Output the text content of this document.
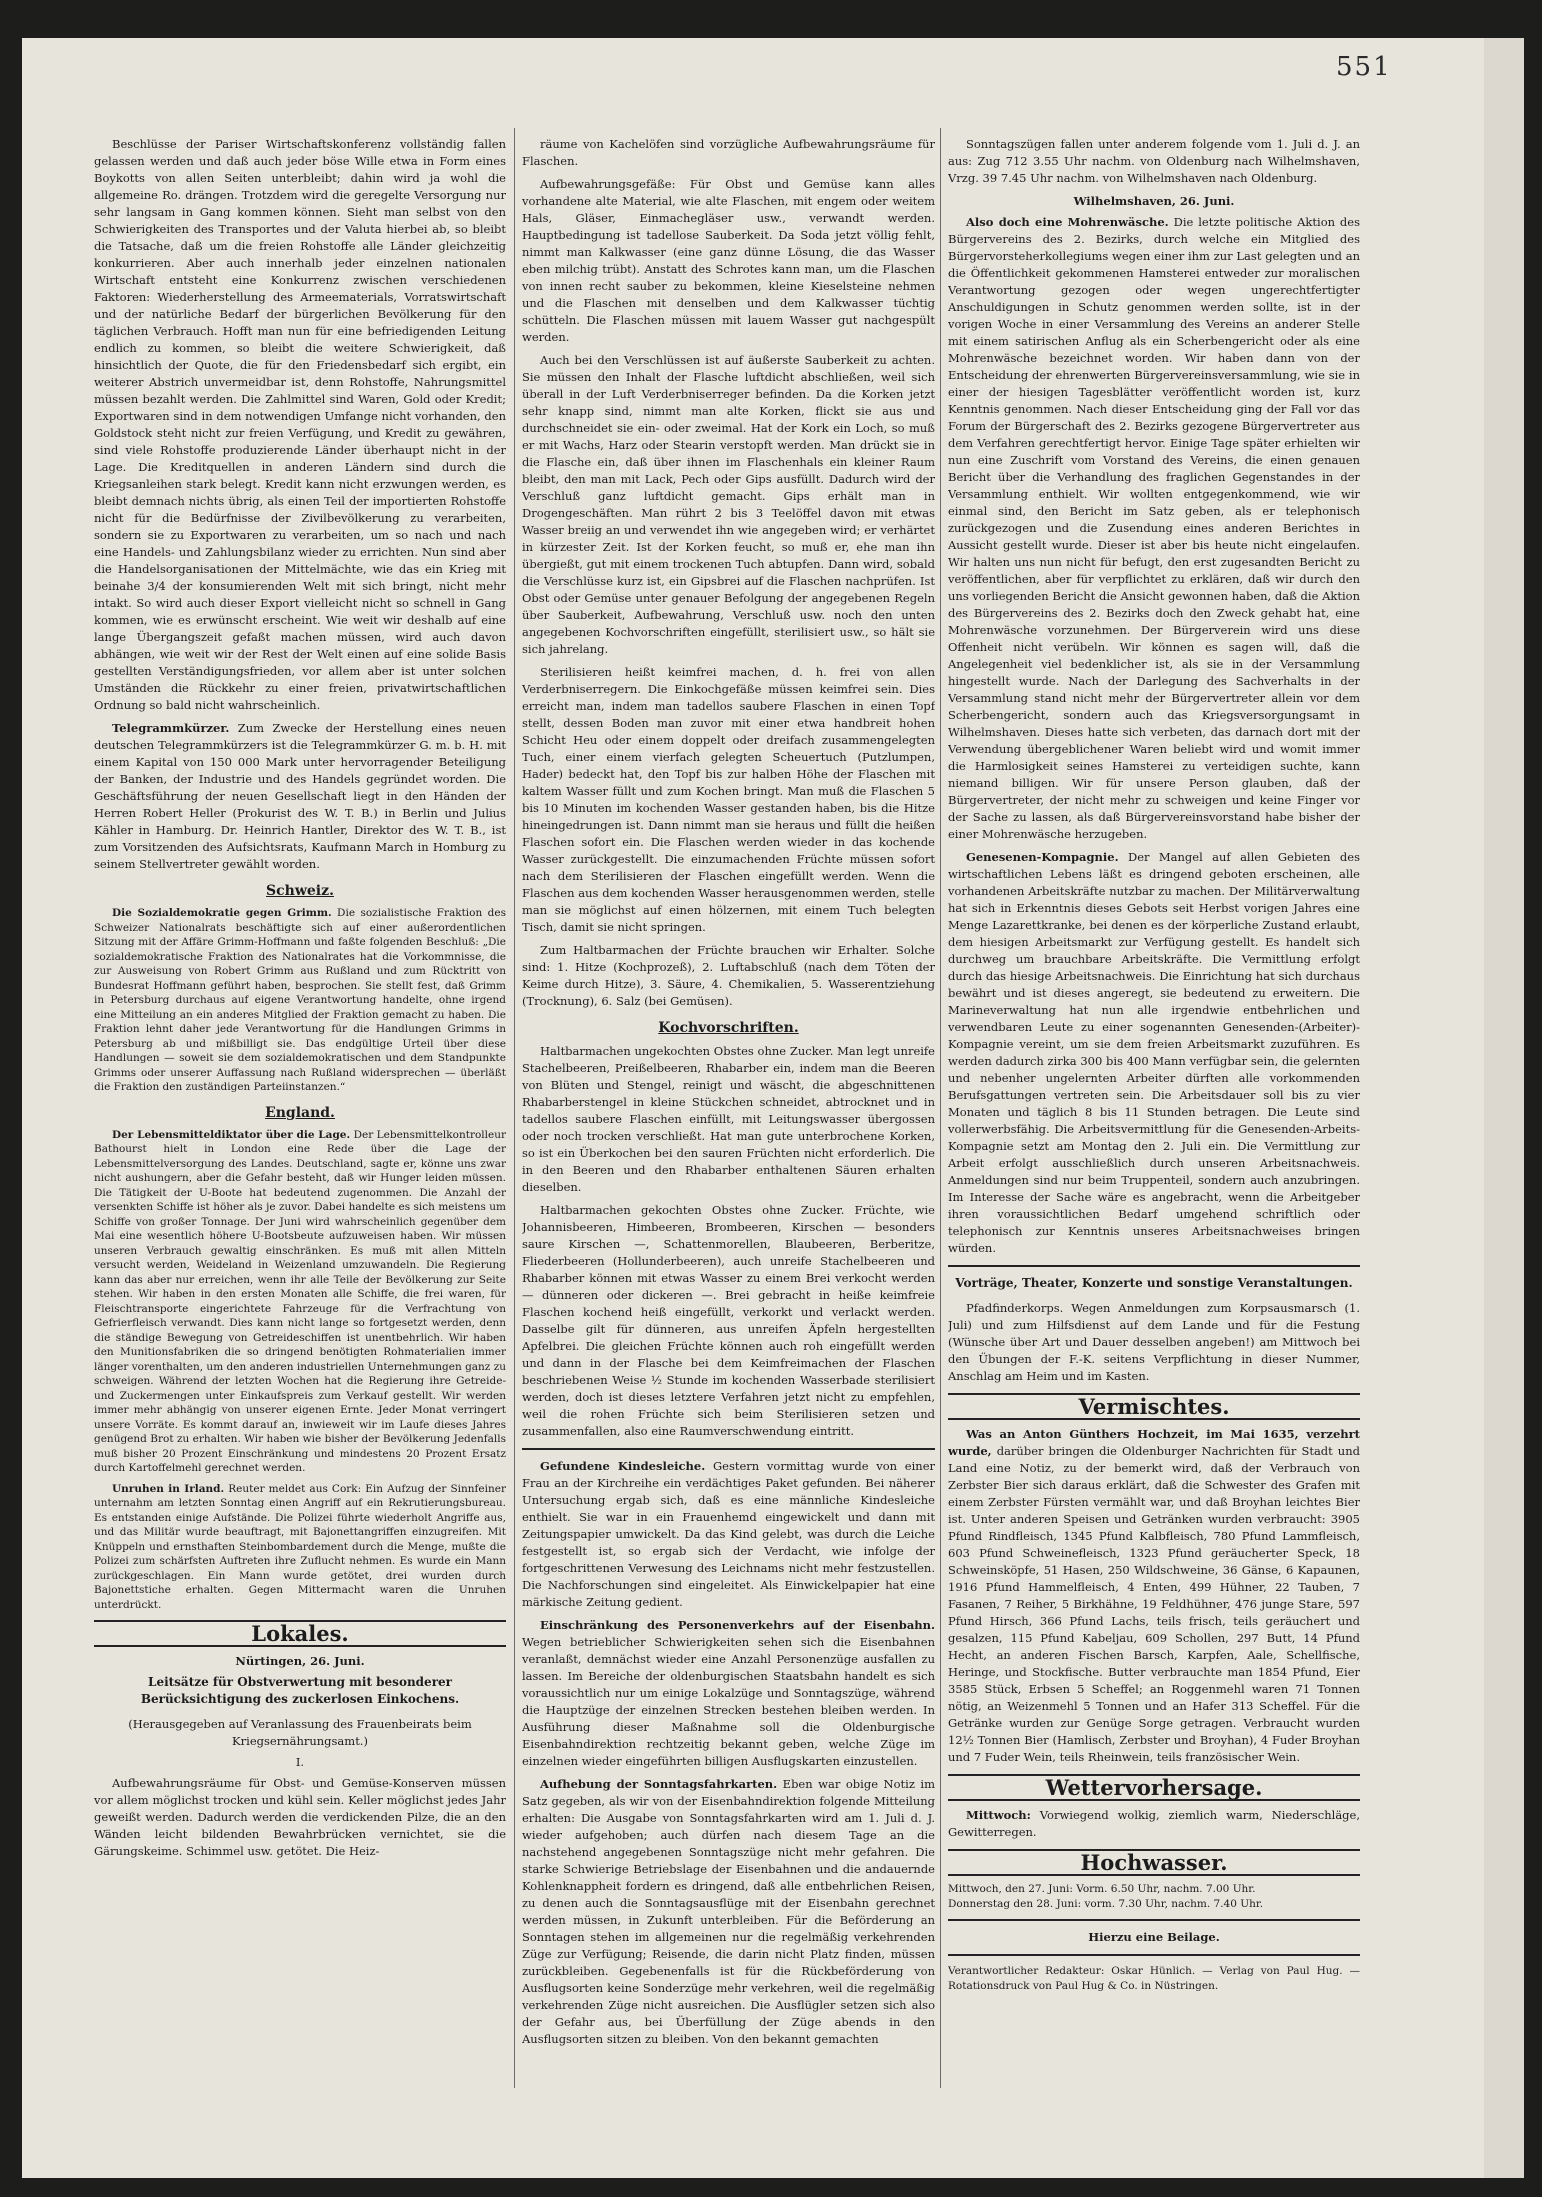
551

Beschlüsse der Pariser Wirtschaftskonferenz vollständig fallen gelassen werden und daß auch jeder böse Wille etwa in Form eines Boykotts von allen Seiten unterbleibt; dahin wird ja wohl die allgemeine Ro. drängen. Trotzdem wird die geregelte Versorgung nur sehr langsam in Gang kommen können. Sieht man selbst von den Schwierigkeiten des Transportes und der Valuta hierbei ab, so bleibt die Tatsache, daß um die freien Rohstoffe alle Länder gleichzeitig konkurrieren. Aber auch innerhalb jeder einzelnen nationalen Wirtschaft entsteht eine Konkurrenz zwischen verschiedenen Faktoren: Wiederherstellung des Armeematerials, Vorratswirtschaft und der natürliche Bedarf der bürgerlichen Bevölkerung für den täglichen Verbrauch. Hofft man nun für eine befriedigenden Leitung endlich zu kommen, so bleibt die weitere Schwierigkeit, daß hinsichtlich der Quote, die für den Friedensbedarf sich ergibt, ein weiterer Abstrich unvermeidbar ist, denn Rohstoffe, Nahrungsmittel müssen bezahlt werden. Die Zahlmittel sind Waren, Gold oder Kredit; Exportwaren sind in dem notwendigen Umfange nicht vorhanden, den Goldstock steht nicht zur freien Verfügung, und Kredit zu gewähren, sind viele Rohstoffe produzierende Länder überhaupt nicht in der Lage. Die Kreditquellen in anderen Ländern sind durch die Kriegsanleihen stark belegt. Kredit kann nicht erzwungen werden, es bleibt demnach nichts übrig, als einen Teil der importierten Rohstoffe nicht für die Bedürfnisse der Zivilbevölkerung zu verarbeiten, sondern sie zu Exportwaren zu verarbeiten, um so nach und nach eine Handels- und Zahlungsbilanz wieder zu errichten. Nun sind aber die Handelsorganisationen der Mittelmächte, wie das ein Krieg mit beinahe 3/4 der konsumierenden Welt mit sich bringt, nicht mehr intakt. So wird auch dieser Export vielleicht nicht so schnell in Gang kommen, wie es erwünscht erscheint. Wie weit wir deshalb auf eine lange Übergangszeit gefaßt machen müssen, wird auch davon abhängen, wie weit wir der Rest der Welt einen auf eine solide Basis gestellten Verständigungsfrieden, vor allem aber ist unter solchen Umständen die Rückkehr zu einer freien, privatwirtschaftlichen Ordnung so bald nicht wahrscheinlich.

Telegrammkürzer. Zum Zwecke der Herstellung eines neuen deutschen Telegrammkürzers ist die Telegrammkürzer G. m. b. H. mit einem Kapital von 150 000 Mark unter hervorragender Beteiligung der Banken, der Industrie und des Handels gegründet worden. Die Geschäftsführung der neuen Gesellschaft liegt in den Händen der Herren Robert Heller (Prokurist des W. T. B.) in Berlin und Julius Kähler in Hamburg. Dr. Heinrich Hantler, Direktor des W. T. B., ist zum Vorsitzenden des Aufsichtsrats, Kaufmann March in Homburg zu seinem Stellvertreter gewählt worden.

Schweiz.

Die Sozialdemokratie gegen Grimm. Die sozialistische Fraktion des Schweizer Nationalrats beschäftigte sich auf einer außerordentlichen Sitzung mit der Affäre Grimm-Hoffmann und faßte folgenden Beschluß: „Die sozialdemokratische Fraktion des Nationalrates hat die Vorkommnisse, die zur Ausweisung von Robert Grimm aus Rußland und zum Rücktritt von Bundesrat Hoffmann geführt haben, besprochen. Sie stellt fest, daß Grimm in Petersburg durchaus auf eigene Verantwortung handelte, ohne irgend eine Mitteilung an ein anderes Mitglied der Fraktion gemacht zu haben. Die Fraktion lehnt daher jede Verantwortung für die Handlungen Grimms in Petersburg ab und mißbilligt sie. Das endgültige Urteil über diese Handlungen — soweit sie dem sozialdemokratischen und dem Standpunkte Grimms oder unserer Auffassung nach Rußland widersprechen — überläßt die Fraktion den zuständigen Parteiinstanzen.“

England.

Der Lebensmitteldiktator über die Lage. Der Lebensmittelkontrolleur Bathourst hielt in London eine Rede über die Lage der Lebensmittelversorgung des Landes. Deutschland, sagte er, könne uns zwar nicht aushungern, aber die Gefahr besteht, daß wir Hunger leiden müssen. Die Tätigkeit der U-Boote hat bedeutend zugenommen. Die Anzahl der versenkten Schiffe ist höher als je zuvor. Dabei handelte es sich meistens um Schiffe von großer Tonnage. Der Juni wird wahrscheinlich gegenüber dem Mai eine wesentlich höhere U-Bootsbeute aufzuweisen haben. Wir müssen unseren Verbrauch gewaltig einschränken. Es muß mit allen Mitteln versucht werden, Weideland in Weizenland umzuwandeln. Die Regierung kann das aber nur erreichen, wenn ihr alle Teile der Bevölkerung zur Seite stehen. Wir haben in den ersten Monaten alle Schiffe, die frei waren, für Fleischtransporte eingerichtete Fahrzeuge für die Verfrachtung von Gefrierfleisch verwandt. Dies kann nicht lange so fortgesetzt werden, denn die ständige Bewegung von Getreideschiffen ist unentbehrlich. Wir haben den Munitionsfabriken die so dringend benötigten Rohmaterialien immer länger vorenthalten, um den anderen industriellen Unternehmungen ganz zu schweigen. Während der letzten Wochen hat die Regierung ihre Getreide- und Zuckermengen unter Einkaufspreis zum Verkauf gestellt. Wir werden immer mehr abhängig von unserer eigenen Ernte. Jeder Monat verringert unsere Vorräte. Es kommt darauf an, inwieweit wir im Laufe dieses Jahres genügend Brot zu erhalten. Wir haben wie bisher der Bevölkerung Jedenfalls muß bisher 20 Prozent Einschränkung und mindestens 20 Prozent Ersatz durch Kartoffelmehl gerechnet werden.

Unruhen in Irland. Reuter meldet aus Cork: Ein Aufzug der Sinnfeiner unternahm am letzten Sonntag einen Angriff auf ein Rekrutierungsbureau. Es entstanden einige Aufstände. Die Polizei führte wiederholt Angriffe aus, und das Militär wurde beauftragt, mit Bajonettangriffen einzugreifen. Mit Knüppeln und ernsthaften Steinbombardement durch die Menge, mußte die Polizei zum schärfsten Auftreten ihre Zuflucht nehmen. Es wurde ein Mann zurückgeschlagen. Ein Mann wurde getötet, drei wurden durch Bajonettstiche erhalten. Gegen Mittermacht waren die Unruhen unterdrückt.

Lokales.
Nürtingen, 26. Juni.
Leitsätze für Obstverwertung mit besonderer Berücksichtigung des zuckerlosen Einkochens.
(Herausgegeben auf Veranlassung des Frauenbeirats beim Kriegsernährungsamt.)
I.

Aufbewahrungsräume für Obst- und Gemüse-Konserven müssen vor allem möglichst trocken und kühl sein. Keller möglichst jedes Jahr geweißt werden. Dadurch werden die verdickenden Pilze, die an den Wänden leicht bildenden Bewahrbrücken vernichtet, sie die Gärungskeime. Schimmel usw. getötet. Die Heiz-

räume von Kachelöfen sind vorzügliche Aufbewahrungsräume für Flaschen.

Aufbewahrungsgefäße: Für Obst und Gemüse kann alles vorhandene alte Material, wie alte Flaschen, mit engem oder weitem Hals, Gläser, Einmachegläser usw., verwandt werden. Hauptbedingung ist tadellose Sauberkeit. Da Soda jetzt völlig fehlt, nimmt man Kalkwasser (eine ganz dünne Lösung, die das Wasser eben milchig trübt). Anstatt des Schrotes kann man, um die Flaschen von innen recht sauber zu bekommen, kleine Kieselsteine nehmen und die Flaschen mit denselben und dem Kalkwasser tüchtig schütteln. Die Flaschen müssen mit lauem Wasser gut nachgespült werden.

Auch bei den Verschlüssen ist auf äußerste Sauberkeit zu achten. Sie müssen den Inhalt der Flasche luftdicht abschließen, weil sich überall in der Luft Verderbniserreger befinden. Da die Korken jetzt sehr knapp sind, nimmt man alte Korken, flickt sie aus und durchschneidet sie ein- oder zweimal. Hat der Kork ein Loch, so muß er mit Wachs, Harz oder Stearin verstopft werden. Man drückt sie in die Flasche ein, daß über ihnen im Flaschenhals ein kleiner Raum bleibt, den man mit Lack, Pech oder Gips ausfüllt. Dadurch wird der Verschluß ganz luftdicht gemacht. Gips erhält man in Drogengeschäften. Man rührt 2 bis 3 Teelöffel davon mit etwas Wasser breiig an und verwendet ihn wie angegeben wird; er verhärtet in kürzester Zeit. Ist der Korken feucht, so muß er, ehe man ihn übergießt, gut mit einem trockenen Tuch abtupfen. Dann wird, sobald die Verschlüsse kurz ist, ein Gipsbrei auf die Flaschen nachprüfen. Ist Obst oder Gemüse unter genauer Befolgung der angegebenen Regeln über Sauberkeit, Aufbewahrung, Verschluß usw. noch den unten angegebenen Kochvorschriften eingefüllt, sterilisiert usw., so hält sie sich jahrelang.

Sterilisieren heißt keimfrei machen, d. h. frei von allen Verderbniserregern. Die Einkochgefäße müssen keimfrei sein. Dies erreicht man, indem man tadellos saubere Flaschen in einen Topf stellt, dessen Boden man zuvor mit einer etwa handbreit hohen Schicht Heu oder einem doppelt oder dreifach zusammengelegten Tuch, einer einem vierfach gelegten Scheuertuch (Putzlumpen, Hader) bedeckt hat, den Topf bis zur halben Höhe der Flaschen mit kaltem Wasser füllt und zum Kochen bringt. Man muß die Flaschen 5 bis 10 Minuten im kochenden Wasser gestanden haben, bis die Hitze hineingedrungen ist. Dann nimmt man sie heraus und füllt die heißen Flaschen sofort ein. Die Flaschen werden wieder in das kochende Wasser zurückgestellt. Die einzumachenden Früchte müssen sofort nach dem Sterilisieren der Flaschen eingefüllt werden. Wenn die Flaschen aus dem kochenden Wasser herausgenommen werden, stelle man sie möglichst auf einen hölzernen, mit einem Tuch belegten Tisch, damit sie nicht springen.

Zum Haltbarmachen der Früchte brauchen wir Erhalter. Solche sind: 1. Hitze (Kochprozeß), 2. Luftabschluß (nach dem Töten der Keime durch Hitze), 3. Säure, 4. Chemikalien, 5. Wasserentziehung (Trocknung), 6. Salz (bei Gemüsen).

Kochvorschriften.

Haltbarmachen ungekochten Obstes ohne Zucker. Man legt unreife Stachelbeeren, Preißelbeeren, Rhabarber ein, indem man die Beeren von Blüten und Stengel, reinigt und wäscht, die abgeschnittenen Rhabarberstengel in kleine Stückchen schneidet, abtrocknet und in tadellos saubere Flaschen einfüllt, mit Leitungswasser übergossen oder noch trocken verschließt. Hat man gute unterbrochene Korken, so ist ein Überkochen bei den sauren Früchten nicht erforderlich. Die in den Beeren und den Rhabarber enthaltenen Säuren erhalten dieselben.

Haltbarmachen gekochten Obstes ohne Zucker. Früchte, wie Johannisbeeren, Himbeeren, Brombeeren, Kirschen — besonders saure Kirschen —, Schattenmorellen, Blaubeeren, Berberitze, Fliederbeeren (Hollunderbeeren), auch unreife Stachelbeeren und Rhabarber können mit etwas Wasser zu einem Brei verkocht werden — dünneren oder dickeren —. Brei gebracht in heiße keimfreie Flaschen kochend heiß eingefüllt, verkorkt und verlackt werden. Dasselbe gilt für dünneren, aus unreifen Äpfeln hergestellten Apfelbrei. Die gleichen Früchte können auch roh eingefüllt werden und dann in der Flasche bei dem Keimfreimachen der Flaschen beschriebenen Weise ½ Stunde im kochenden Wasserbade sterilisiert werden, doch ist dieses letztere Verfahren jetzt nicht zu empfehlen, weil die rohen Früchte sich beim Sterilisieren setzen und zusammenfallen, also eine Raumverschwendung eintritt.

Gefundene Kindesleiche. Gestern vormittag wurde von einer Frau an der Kirchreihe ein verdächtiges Paket gefunden. Bei näherer Untersuchung ergab sich, daß es eine männliche Kindesleiche enthielt. Sie war in ein Frauenhemd eingewickelt und dann mit Zeitungspapier umwickelt. Da das Kind gelebt, was durch die Leiche festgestellt ist, so ergab sich der Verdacht, wie infolge der fortgeschrittenen Verwesung des Leichnams nicht mehr festzustellen. Die Nachforschungen sind eingeleitet. Als Einwickelpapier hat eine märkische Zeitung gedient.

Einschränkung des Personenverkehrs auf der Eisenbahn. Wegen betrieblicher Schwierigkeiten sehen sich die Eisenbahnen veranlaßt, demnächst wieder eine Anzahl Personenzüge ausfallen zu lassen. Im Bereiche der oldenburgischen Staatsbahn handelt es sich voraussichtlich nur um einige Lokalzüge und Sonntagszüge, während die Hauptzüge der einzelnen Strecken bestehen bleiben werden. In Ausführung dieser Maßnahme soll die Oldenburgische Eisenbahndirektion rechtzeitig bekannt geben, welche Züge im einzelnen wieder eingeführten billigen Ausflugskarten einzustellen.

Aufhebung der Sonntagsfahrkarten. Eben war obige Notiz im Satz gegeben, als wir von der Eisenbahndirektion folgende Mitteilung erhalten: Die Ausgabe von Sonntagsfahrkarten wird am 1. Juli d. J. wieder aufgehoben; auch dürfen nach diesem Tage an die nachstehend angegebenen Sonntagszüge nicht mehr gefahren. Die starke Schwierige Betriebslage der Eisenbahnen und die andauernde Kohlenknappheit fordern es dringend, daß alle entbehrlichen Reisen, zu denen auch die Sonntagsausflüge mit der Eisenbahn gerechnet werden müssen, in Zukunft unterbleiben. Für die Beförderung an Sonntagen stehen im allgemeinen nur die regelmäßig verkehrenden Züge zur Verfügung; Reisende, die darin nicht Platz finden, müssen zurückbleiben. Gegebenenfalls ist für die Rückbeförderung von Ausflugsorten keine Sonderzüge mehr verkehren, weil die regelmäßig verkehrenden Züge nicht ausreichen. Die Ausflügler setzen sich also der Gefahr aus, bei Überfüllung der Züge abends in den Ausflugsorten sitzen zu bleiben. Von den bekannt gemachten

Sonntagszügen fallen unter anderem folgende vom 1. Juli d. J. an aus: Zug 712 3.55 Uhr nachm. von Oldenburg nach Wilhelmshaven, Vrzg. 39 7.45 Uhr nachm. von Wilhelmshaven nach Oldenburg.

Wilhelmshaven, 26. Juni.

Also doch eine Mohrenwäsche. Die letzte politische Aktion des Bürgervereins des 2. Bezirks, durch welche ein Mitglied des Bürgervorsteherkollegiums wegen einer ihm zur Last gelegten und an die Öffentlichkeit gekommenen Hamsterei entweder zur moralischen Verantwortung gezogen oder wegen ungerechtfertigter Anschuldigungen in Schutz genommen werden sollte, ist in der vorigen Woche in einer Versammlung des Vereins an anderer Stelle mit einem satirischen Anflug als ein Scherbengericht oder als eine Mohrenwäsche bezeichnet worden. Wir haben dann von der Entscheidung der ehrenwerten Bürgervereinsversammlung, wie sie in einer der hiesigen Tagesblätter veröffentlicht worden ist, kurz Kenntnis genommen. Nach dieser Entscheidung ging der Fall vor das Forum der Bürgerschaft des 2. Bezirks gezogene Bürgervertreter aus dem Verfahren gerechtfertigt hervor. Einige Tage später erhielten wir nun eine Zuschrift vom Vorstand des Vereins, die einen genauen Bericht über die Verhandlung des fraglichen Gegenstandes in der Versammlung enthielt. Wir wollten entgegenkommend, wie wir einmal sind, den Bericht im Satz geben, als er telephonisch zurückgezogen und die Zusendung eines anderen Berichtes in Aussicht gestellt wurde. Dieser ist aber bis heute nicht eingelaufen. Wir halten uns nun nicht für befugt, den erst zugesandten Bericht zu veröffentlichen, aber für verpflichtet zu erklären, daß wir durch den uns vorliegenden Bericht die Ansicht gewonnen haben, daß die Aktion des Bürgervereins des 2. Bezirks doch den Zweck gehabt hat, eine Mohrenwäsche vorzunehmen. Der Bürgerverein wird uns diese Offenheit nicht verübeln. Wir können es sagen will, daß die Angelegenheit viel bedenklicher ist, als sie in der Versammlung hingestellt wurde. Nach der Darlegung des Sachverhalts in der Versammlung stand nicht mehr der Bürgervertreter allein vor dem Scherbengericht, sondern auch das Kriegsversorgungsamt in Wilhelmshaven. Dieses hatte sich verbeten, das darnach dort mit der Verwendung übergeblichener Waren beliebt wird und womit immer die Harmlosigkeit seines Hamsterei zu verteidigen suchte, kann niemand billigen. Wir für unsere Person glauben, daß der Bürgervertreter, der nicht mehr zu schweigen und keine Finger vor der Sache zu lassen, als daß Bürgervereinsvorstand habe bisher der einer Mohrenwäsche herzugeben.

Genesenen-Kompagnie. Der Mangel auf allen Gebieten des wirtschaftlichen Lebens läßt es dringend geboten erscheinen, alle vorhandenen Arbeitskräfte nutzbar zu machen. Der Militärverwaltung hat sich in Erkenntnis dieses Gebots seit Herbst vorigen Jahres eine Menge Lazarettkranke, bei denen es der körperliche Zustand erlaubt, dem hiesigen Arbeitsmarkt zur Verfügung gestellt. Es handelt sich durchweg um brauchbare Arbeitskräfte. Die Vermittlung erfolgt durch das hiesige Arbeitsnachweis. Die Einrichtung hat sich durchaus bewährt und ist dieses angeregt, sie bedeutend zu erweitern. Die Marineverwaltung hat nun alle irgendwie entbehrlichen und verwendbaren Leute zu einer sogenannten Genesenden-(Arbeiter)-Kompagnie vereint, um sie dem freien Arbeitsmarkt zuzuführen. Es werden dadurch zirka 300 bis 400 Mann verfügbar sein, die gelernten und nebenher ungelernten Arbeiter dürften alle vorkommenden Berufsgattungen vertreten sein. Die Arbeitsdauer soll bis zu vier Monaten und täglich 8 bis 11 Stunden betragen. Die Leute sind vollerwerbsfähig. Die Arbeitsvermittlung für die Genesenden-Arbeits-Kompagnie setzt am Montag den 2. Juli ein. Die Vermittlung zur Arbeit erfolgt ausschließlich durch unseren Arbeitsnachweis. Anmeldungen sind nur beim Truppenteil, sondern auch anzubringen. Im Interesse der Sache wäre es angebracht, wenn die Arbeitgeber ihren voraussichtlichen Bedarf umgehend schriftlich oder telephonisch zur Kenntnis unseres Arbeitsnachweises bringen würden.

Vorträge, Theater, Konzerte und sonstige Veranstaltungen.

Pfadfinderkorps. Wegen Anmeldungen zum Korpsausmarsch (1. Juli) und zum Hilfsdienst auf dem Lande und für die Festung (Wünsche über Art und Dauer desselben angeben!) am Mittwoch bei den Übungen der F.-K. seitens Verpflichtung in dieser Nummer, Anschlag am Heim und im Kasten.

Vermischtes.

Was an Anton Günthers Hochzeit, im Mai 1635, verzehrt wurde, darüber bringen die Oldenburger Nachrichten für Stadt und Land eine Notiz, zu der bemerkt wird, daß der Verbrauch von Zerbster Bier sich daraus erklärt, daß die Schwester des Grafen mit einem Zerbster Fürsten vermählt war, und daß Broyhan leichtes Bier ist. Unter anderen Speisen und Getränken wurden verbraucht: 3905 Pfund Rindfleisch, 1345 Pfund Kalbfleisch, 780 Pfund Lammfleisch, 603 Pfund Schweinefleisch, 1323 Pfund geräucherter Speck, 18 Schweinsköpfe, 51 Hasen, 250 Wildschweine, 36 Gänse, 6 Kapaunen, 1916 Pfund Hammelfleisch, 4 Enten, 499 Hühner, 22 Tauben, 7 Fasanen, 7 Reiher, 5 Birkhähne, 19 Feldhühner, 476 junge Stare, 597 Pfund Hirsch, 366 Pfund Lachs, teils frisch, teils geräuchert und gesalzen, 115 Pfund Kabeljau, 609 Schollen, 297 Butt, 14 Pfund Hecht, an anderen Fischen Barsch, Karpfen, Aale, Schellfische, Heringe, und Stockfische. Butter verbrauchte man 1854 Pfund, Eier 3585 Stück, Erbsen 5 Scheffel; an Roggenmehl waren 71 Tonnen nötig, an Weizenmehl 5 Tonnen und an Hafer 313 Scheffel. Für die Getränke wurden zur Genüge Sorge getragen. Verbraucht wurden 12½ Tonnen Bier (Hamlisch, Zerbster und Broyhan), 4 Fuder Broyhan und 7 Fuder Wein, teils Rheinwein, teils französischer Wein.

Wettervorhersage.

Mittwoch: Vorwiegend wolkig, ziemlich warm, Niederschläge, Gewitterregen.

Hochwasser.
Mittwoch, den 27. Juni: Vorm. 6.50 Uhr, nachm. 7.00 Uhr.
Donnerstag den 28. Juni: vorm. 7.30 Uhr, nachm. 7.40 Uhr.
Hierzu eine Beilage.
Verantwortlicher Redakteur: Oskar Hünlich. — Verlag von Paul Hug. — Rotationsdruck von Paul Hug & Co. in Nüstringen.
